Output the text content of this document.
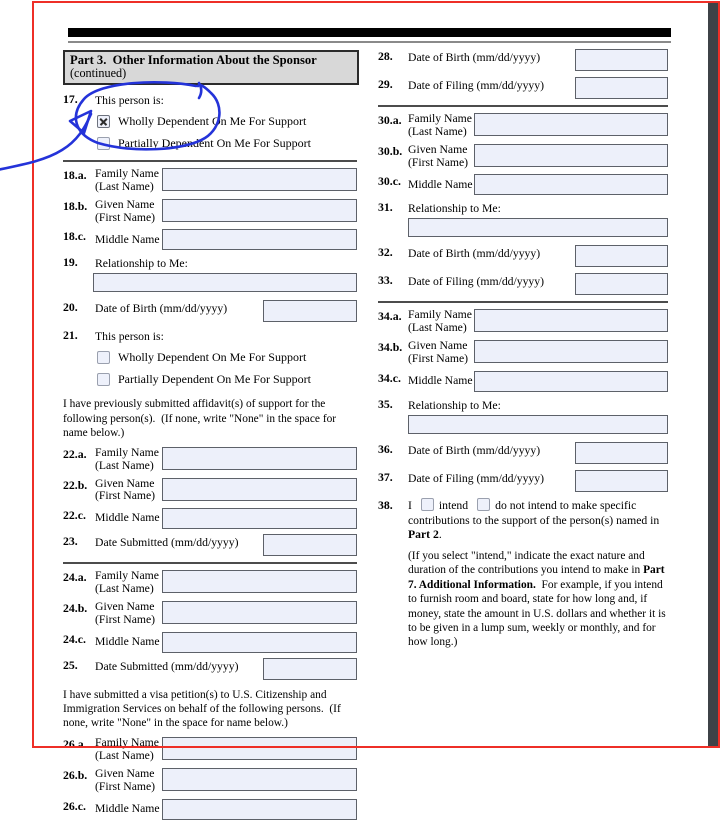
Part 3.  Other Information About the Sponsor
(continued)
17.	This person is:
Wholly Dependent On Me For Support
Partially Dependent On Me For Support
18.a. Family Name
(Last Name)
18.b. Given Name
(First Name)
18.c. Middle Name
19.	Relationship to Me:
20.	Date of Birth (mm/dd/yyyy)
21.	This person is:
Wholly Dependent On Me For Support
Partially Dependent On Me For Support
I have previously submitted affidavit(s) of support for the following person(s).  (If none, write "None" in the space for name below.)
22.a. Family Name
(Last Name)
22.b. Given Name
(First Name)
22.c. Middle Name
23.	Date Submitted (mm/dd/yyyy)
24.a. Family Name
(Last Name)
24.b. Given Name
(First Name)
24.c. Middle Name
25.	Date Submitted (mm/dd/yyyy)
I have submitted a visa petition(s) to U.S. Citizenship and Immigration Services on behalf of the following persons.  (If none, write "None" in the space for name below.)
26.a. Family Name
(Last Name)
26.b. Given Name
(First Name)
26.c. Middle Name
28.	Date of Birth (mm/dd/yyyy)
29.	Date of Filing (mm/dd/yyyy)
30.a. Family Name
(Last Name)
30.b. Given Name
(First Name)
30.c. Middle Name
31.	Relationship to Me:
32.	Date of Birth (mm/dd/yyyy)
33.	Date of Filing (mm/dd/yyyy)
34.a. Family Name
(Last Name)
34.b. Given Name
(First Name)
34.c. Middle Name
35.	Relationship to Me:
36.	Date of Birth (mm/dd/yyyy)
37.	Date of Filing (mm/dd/yyyy)
38.	I intend do not intend to make specific contributions to the support of the person(s) named in Part 2.
(If you select "intend," indicate the exact nature and duration of the contributions you intend to make in Part 7. Additional Information.  For example, if you intend to furnish room and board, state for how long and, if money, state the amount in U.S. dollars and whether it is to be given in a lump sum, weekly or monthly, and for how long.)
